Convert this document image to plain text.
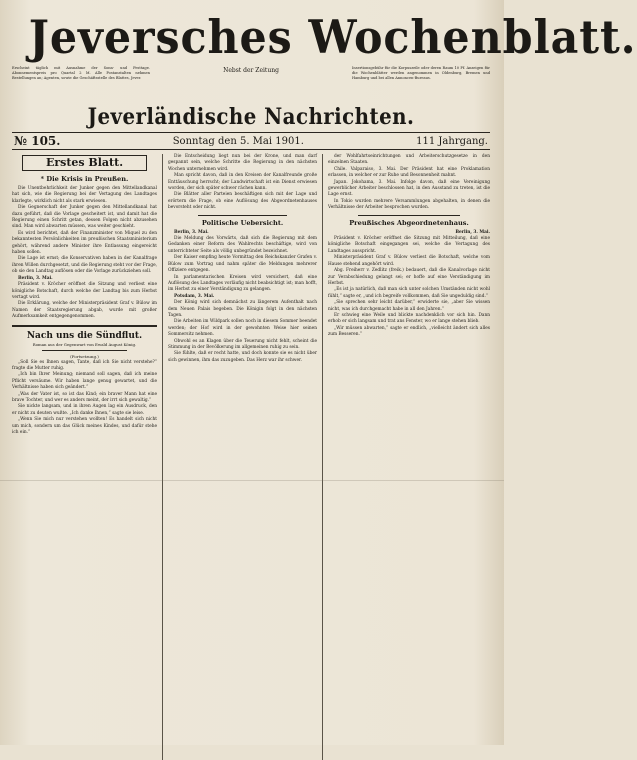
Jeversches Wochenblatt.
Erscheint täglich mit Ausnahme der Sonn- und Festtage. Abonnementspreis pro Quartal 2 M. Alle Postanstalten nehmen Bestellungen an; Agenten, sowie die Geschäftsstelle des Blattes, Jever.
Nebst der Zeitung	Insertionsgebühr für die Korpuszeile oder deren Raum 10 Pf. Anzeigen für die Wochenblätter werden angenommen in Oldenburg, Bremen und Hamburg und bei allen Annoncen-Bureaus.
Jeverländische Nachrichten.
№ 105.	Sonntag den 5. Mai 1901.	111 Jahrgang.
Erstes Blatt.
* Die Krisis in Preußen.

Die Unentbehrlichkeit der Junker gegen den Mittellandkanal hat sich, wie die Regierung bei der Vertagung des Landtages klarlegte, wirklich nicht als stark erwiesen.

Die Gegnerschaft der Junker gegen den Mittellandkanal hat dazu geführt, daß die Vorlage gescheitert ist, und damit hat die Regierung einen Schritt getan, dessen Folgen nicht abzusehen sind. Man wird abwarten müssen, was weiter geschieht.

Es wird berichtet, daß der Finanzminister von Miquel zu den bekanntesten Persönlichkeiten im preußischen Staatsministerium gehört, während andere Minister ihre Entlassung eingereicht haben sollen.

Die Lage ist ernst; die Konservativen haben in der Kanalfrage ihren Willen durchgesetzt, und die Regierung steht vor der Frage, ob sie den Landtag auflösen oder die Vorlage zurückziehen soll.

Berlin, 3. Mai.

Präsident v. Kröcher eröffnet die Sitzung und verliest eine königliche Botschaft, durch welche der Landtag bis zum Herbst vertagt wird.

Die Erklärung, welche der Ministerpräsident Graf v. Bülow im Namen der Staatsregierung abgab, wurde mit großer Aufmerksamkeit entgegengenommen.

Nach uns die Sündflut.
Roman aus der Gegenwart von Ewald August König.
(Fortsetzung.)

„Soll Sie es Ihnen sagen, Tante, daß ich Sie nicht verstehe?“ fragte die Mutter ruhig.

„Ich bin Ihrer Meinung; niemand soll sagen, daß ich meine Pflicht versäume. Wir haben lange genug gewartet, und die Verhältnisse haben sich geändert.“

„Was der Vater ist, so ist das Kind; ein braver Mann hat eine brave Tochter, und wer es anders meint, der irrt sich gewaltig.“

Sie nickte langsam, und in ihren Augen lag ein Ausdruck, den er nicht zu deuten wußte. „Ich danke Ihnen,“ sagte sie leise.

„Wenn Sie mich nur verstehen wollten! Es handelt sich nicht um mich, sondern um das Glück meines Kindes, und dafür stehe ich ein.“

Die Entscheidung liegt nun bei der Krone, und man darf gespannt sein, welche Schritte die Regierung in den nächsten Wochen unternehmen wird.

Man spricht davon, daß in den Kreisen der Kanalfreunde große Enttäuschung herrscht; der Landwirtschaft ist ein Dienst erwiesen worden, der sich später schwer rächen kann.

Die Blätter aller Parteien beschäftigen sich mit der Lage und erörtern die Frage, ob eine Auflösung des Abgeordnetenhauses bevorsteht oder nicht.

Politische Uebersicht.

Berlin, 3. Mai.

Die Meldung des Vorwärts, daß sich die Regierung mit dem Gedanken einer Reform des Wahlrechts beschäftige, wird von unterrichteter Seite als völlig unbegründet bezeichnet.

Der Kaiser empfing heute Vormittag den Reichskanzler Grafen v. Bülow zum Vortrag und nahm später die Meldungen mehrerer Offiziere entgegen.

In parlamentarischen Kreisen wird versichert, daß eine Auflösung des Landtages vorläufig nicht beabsichtigt ist; man hofft, im Herbst zu einer Verständigung zu gelangen.

Potsdam, 3. Mai.

Der König wird sich demnächst zu längerem Aufenthalt nach dem Neuen Palais begeben. Die Königin folgt in den nächsten Tagen.

Die Arbeiten im Wildpark sollen noch in diesem Sommer beendet werden; der Hof wird in der gewohnten Weise hier seinen Sommersitz nehmen.

Obwohl es an Klagen über die Teuerung nicht fehlt, scheint die Stimmung in der Bevölkerung im allgemeinen ruhig zu sein.

Sie fühlte, daß er recht hatte, und doch konnte sie es nicht über sich gewinnen, ihm das zuzugeben. Das Herz war ihr schwer.

der Wohlfahrtseinrichtungen und Arbeiterschutzgesetze in den einzelnen Staaten.

Chile. Valparaiso, 3. Mai. Der Präsident hat eine Proklamation erlassen, in welcher er zur Ruhe und Besonnenheit mahnt.

Japan. Jokohama, 3. Mai. Infolge davon, daß eine Vereinigung gewerblicher Arbeiter beschlossen hat, in den Ausstand zu treten, ist die Lage ernst.

In Tokio wurden mehrere Versammlungen abgehalten, in denen die Verhältnisse der Arbeiter besprochen wurden.

Preußisches Abgeordnetenhaus.

Berlin, 3. Mai.

Präsident v. Kröcher eröffnet die Sitzung mit Mitteilung, daß eine königliche Botschaft eingegangen sei, welche die Vertagung des Landtages ausspricht.

Ministerpräsident Graf v. Bülow verliest die Botschaft, welche vom Hause stehend angehört wird.

Abg. Freiherr v. Zedlitz (freik.) bedauert, daß die Kanalvorlage nicht zur Verabschiedung gelangt sei; er hoffe auf eine Verständigung im Herbst.

„Es ist ja natürlich, daß man sich unter solchen Umständen nicht wohl fühlt,“ sagte er, „und ich begreife vollkommen, daß Sie ungeduldig sind.“

„Sie sprechen sehr leicht darüber,“ erwiderte sie, „aber Sie wissen nicht, was ich durchgemacht habe in all den Jahren.“

Er schwieg eine Weile und blickte nachdenklich vor sich hin. Dann erhob er sich langsam und trat ans Fenster, wo er lange stehen blieb.

„Wir müssen abwarten,“ sagte er endlich, „vielleicht ändert sich alles zum Besseren.“
